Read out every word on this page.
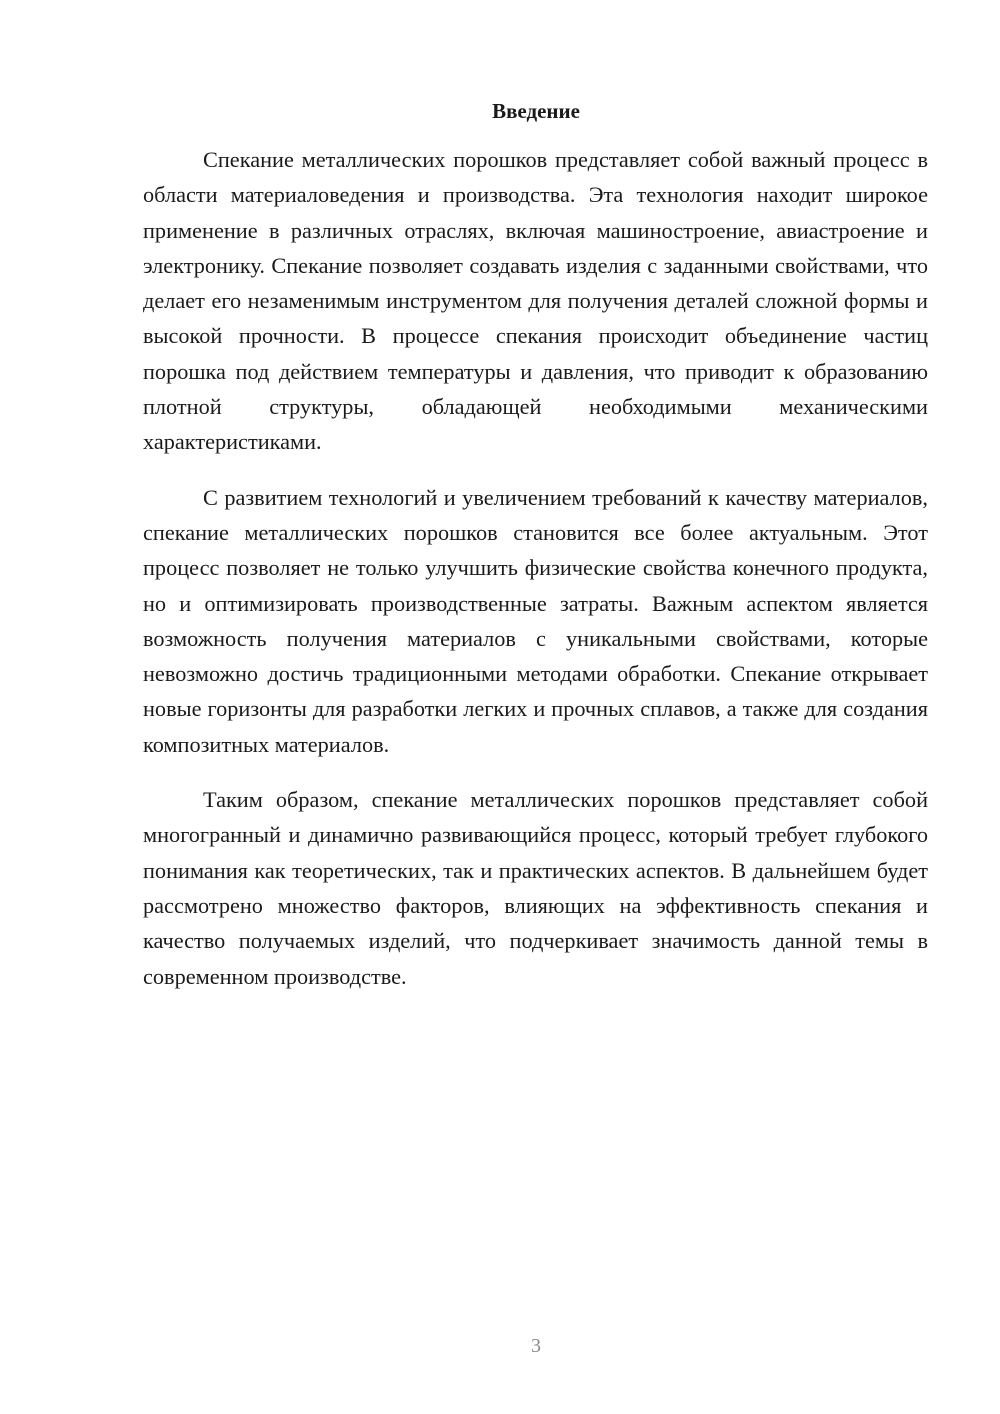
Введение

Спекание металлических порошков представляет собой важный процесс в области материаловедения и производства. Эта технология находит широкое применение в различных отраслях, включая машиностроение, авиастроение и электронику. Спекание позволяет создавать изделия с заданными свойствами, что делает его незаменимым инструментом для получения деталей сложной формы и высокой прочности. В процессе спекания происходит объединение частиц порошка под действием температуры и давления, что приводит к образованию плотной структуры, обладающей необходимыми механическими характеристиками.

С развитием технологий и увеличением требований к качеству материалов, спекание металлических порошков становится все более актуальным. Этот процесс позволяет не только улучшить физические свойства конечного продукта, но и оптимизировать производственные затраты. Важным аспектом является возможность получения материалов с уникальными свойствами, которые невозможно достичь традиционными методами обработки. Спекание открывает новые горизонты для разработки легких и прочных сплавов, а также для создания композитных материалов.

Таким образом, спекание металлических порошков представляет собой многогранный и динамично развивающийся процесс, который требует глубокого понимания как теоретических, так и практических аспектов. В дальнейшем будет рассмотрено множество факторов, влияющих на эффективность спекания и качество получаемых изделий, что подчеркивает значимость данной темы в современном производстве.

3
